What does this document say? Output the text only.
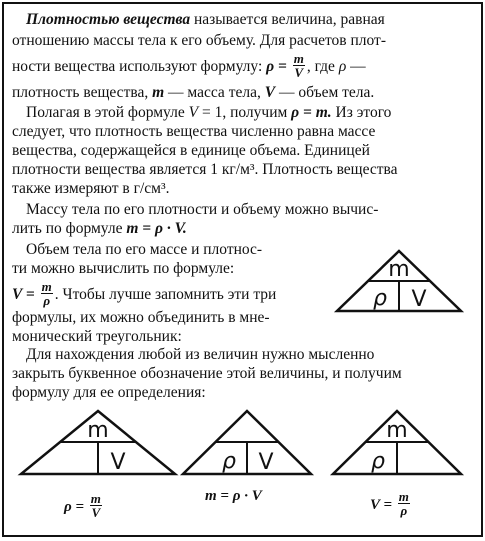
Плотностью вещества называется величина, равная
отношению массы тела к его объему. Для расчетов плот-
ности вещества используют формулу: $\rho = \frac{m}{V}$ , где ρ —
плотность вещества, m — масса тела, V — объем тела.
Полагая в этой формуле V = 1, получим ρ = m. Из этого
следует, что плотность вещества численно равна массе
вещества, содержащейся в единице объема. Единицей
плотности вещества является 1 кг/м³. Плотность вещества
также измеряют в г/см³.
Массу тела по его плотности и объему можно вычис-
лить по формуле m = ρ · V.
Объем тела по его массе и плотнос-
ти можно вычислить по формуле:
$V = \frac{m}{\rho}$ . Чтобы лучше запомнить эти три
формулы, их можно объединить в мне-
монический треугольник:
m
ρ V
Для нахождения любой из величин нужно мысленно
закрыть буквенное обозначение этой величины, и получим
формулу для ее определения:
m
V	ρ V
m
ρ
$\rho = \frac{m}{V}$	m = ρ · V
$V = \frac{m}{\rho}$
